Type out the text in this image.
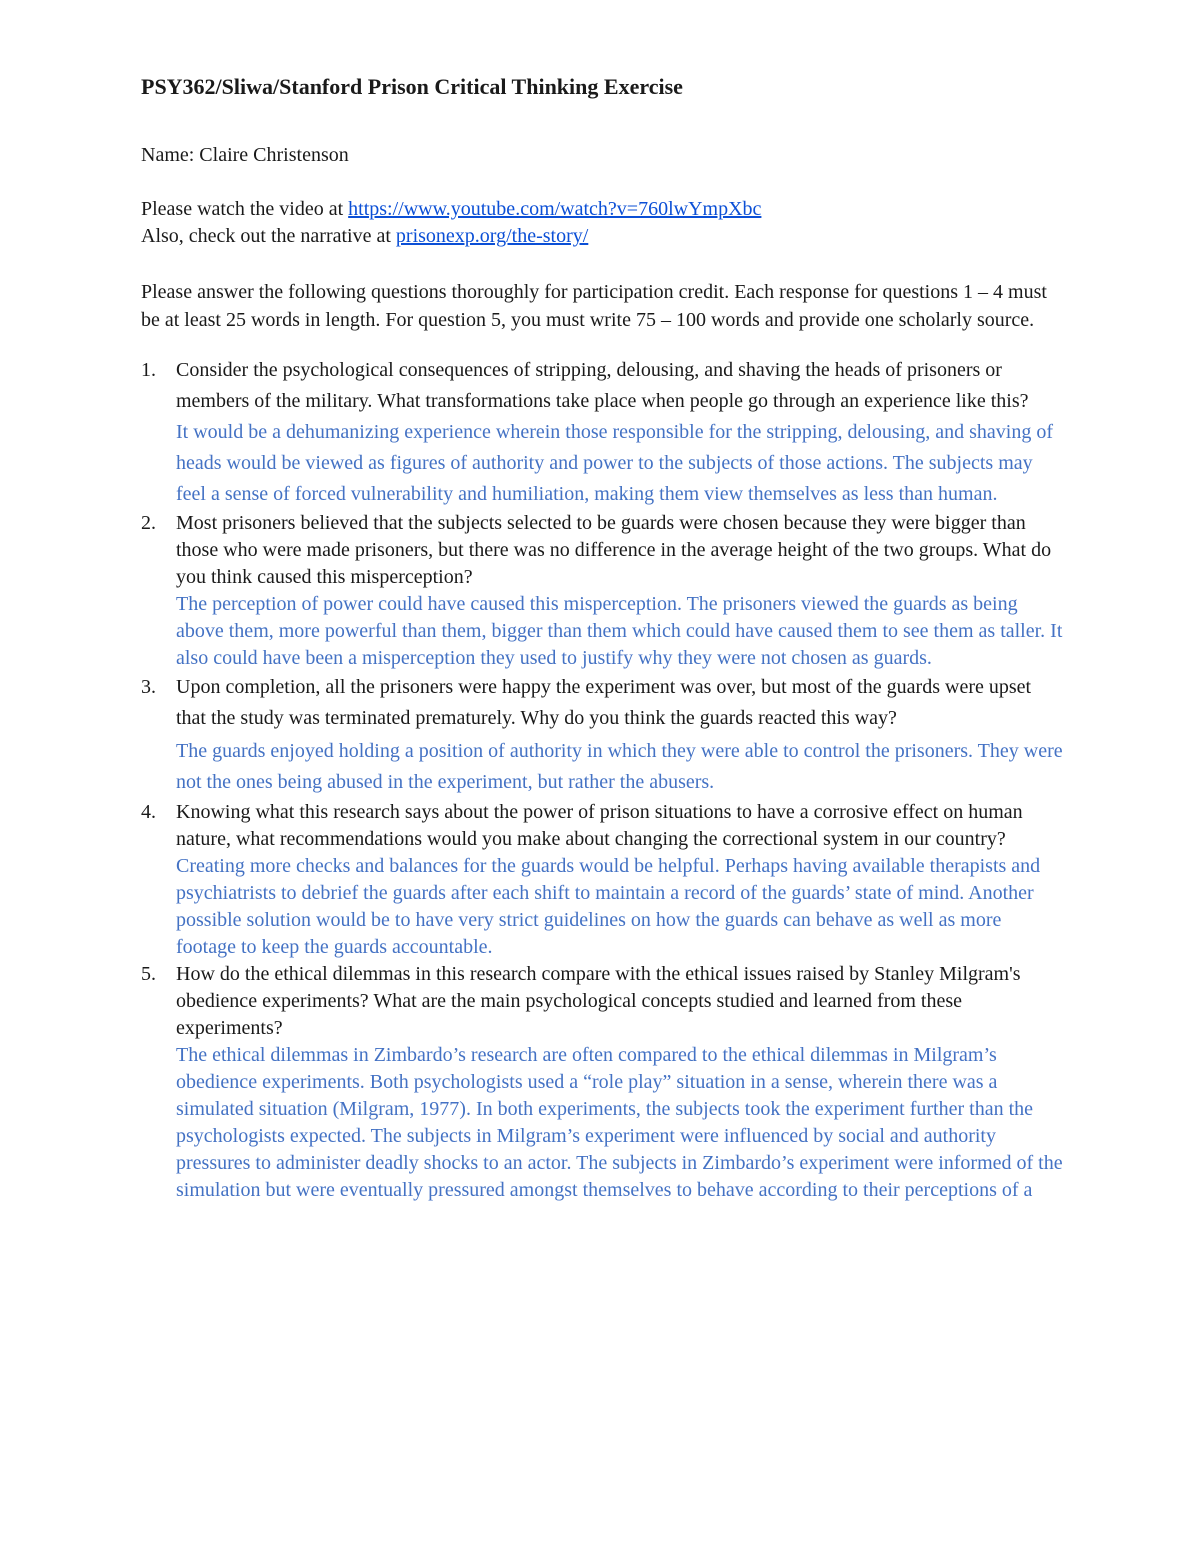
PSY362/Sliwa/Stanford Prison Critical Thinking Exercise
Name: Claire Christenson
Please watch the video at https://www.youtube.com/watch?v=760lwYmpXbc
Also, check out the narrative at prisonexp.org/the-story/

Please answer the following questions thoroughly for participation credit. Each response for questions 1 – 4 must be at least 25 words in length. For question 5, you must write 75 – 100 words and provide one scholarly source.

1. Consider the psychological consequences of stripping, delousing, and shaving the heads of prisoners or members of the military. What transformations take place when people go through an experience like this?

It would be a dehumanizing experience wherein those responsible for the stripping, delousing, and shaving of heads would be viewed as figures of authority and power to the subjects of those actions. The subjects may feel a sense of forced vulnerability and humiliation, making them view themselves as less than human.

2. Most prisoners believed that the subjects selected to be guards were chosen because they were bigger than those who were made prisoners, but there was no difference in the average height of the two groups. What do you think caused this misperception?

The perception of power could have caused this misperception. The prisoners viewed the guards as being above them, more powerful than them, bigger than them which could have caused them to see them as taller. It also could have been a misperception they used to justify why they were not chosen as guards.

3. Upon completion, all the prisoners were happy the experiment was over, but most of the guards were upset that the study was terminated prematurely. Why do you think the guards reacted this way?

The guards enjoyed holding a position of authority in which they were able to control the prisoners. They were not the ones being abused in the experiment, but rather the abusers.

4. Knowing what this research says about the power of prison situations to have a corrosive effect on human nature, what recommendations would you make about changing the correctional system in our country?

Creating more checks and balances for the guards would be helpful. Perhaps having available therapists and psychiatrists to debrief the guards after each shift to maintain a record of the guards’ state of mind. Another possible solution would be to have very strict guidelines on how the guards can behave as well as more footage to keep the guards accountable.

5. How do the ethical dilemmas in this research compare with the ethical issues raised by Stanley Milgram's obedience experiments? What are the main psychological concepts studied and learned from these experiments?

The ethical dilemmas in Zimbardo’s research are often compared to the ethical dilemmas in Milgram’s obedience experiments. Both psychologists used a “role play” situation in a sense, wherein there was a simulated situation (Milgram, 1977). In both experiments, the subjects took the experiment further than the psychologists expected. The subjects in Milgram’s experiment were influenced by social and authority pressures to administer deadly shocks to an actor. The subjects in Zimbardo’s experiment were informed of the simulation but were eventually pressured amongst themselves to behave according to their perceptions of a
